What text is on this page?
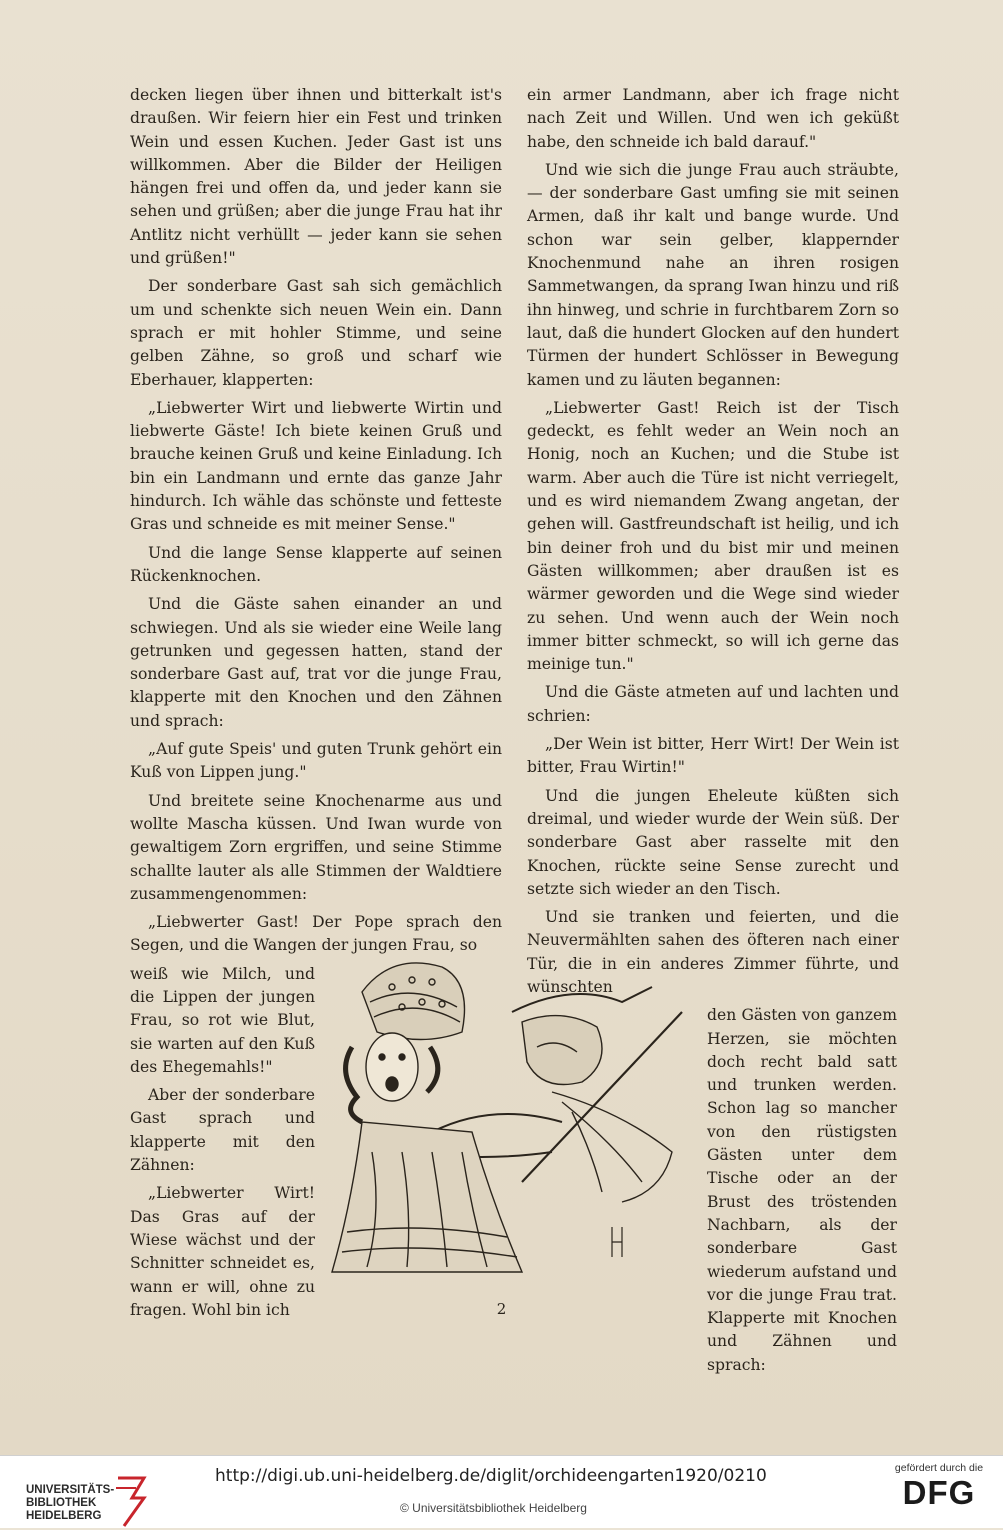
decken liegen über ihnen und bitterkalt ist's draußen. Wir feiern hier ein Fest und trinken Wein und essen Kuchen. Jeder Gast ist uns willkommen. Aber die Bilder der Heiligen hängen frei und offen da, und jeder kann sie sehen und grüßen; aber die junge Frau hat ihr Antlitz nicht verhüllt — jeder kann sie sehen und grüßen!"

Der sonderbare Gast sah sich gemächlich um und schenkte sich neuen Wein ein. Dann sprach er mit hohler Stimme, und seine gelben Zähne, so groß und scharf wie Eberhauer, klapperten:

„Liebwerter Wirt und liebwerte Wirtin und liebwerte Gäste! Ich biete keinen Gruß und brauche keinen Gruß und keine Einladung. Ich bin ein Landmann und ernte das ganze Jahr hindurch. Ich wähle das schönste und fetteste Gras und schneide es mit meiner Sense."

Und die lange Sense klapperte auf seinen Rückenknochen.

Und die Gäste sahen einander an und schwiegen. Und als sie wieder eine Weile lang getrunken und gegessen hatten, stand der sonderbare Gast auf, trat vor die junge Frau, klapperte mit den Knochen und den Zähnen und sprach:

„Auf gute Speis' und guten Trunk gehört ein Kuß von Lippen jung."

Und breitete seine Knochenarme aus und wollte Mascha küssen. Und Iwan wurde von gewaltigem Zorn ergriffen, und seine Stimme schallte lauter als alle Stimmen der Waldtiere zusammengenommen:

„Liebwerter Gast! Der Pope sprach den Segen, und die Wangen der jungen Frau, so

weiß wie Milch, und die Lippen der jungen Frau, so rot wie Blut, sie warten auf den Kuß des Ehegemahls!"

Aber der sonderbare Gast sprach und klapperte mit den Zähnen:

„Liebwerter Wirt! Das Gras auf der Wiese wächst und der Schnitter schneidet es, wann er will, ohne zu fragen. Wohl bin ich

ein armer Landmann, aber ich frage nicht nach Zeit und Willen. Und wen ich geküßt habe, den schneide ich bald darauf."

Und wie sich die junge Frau auch sträubte, — der sonderbare Gast umfing sie mit seinen Armen, daß ihr kalt und bange wurde. Und schon war sein gelber, klappernder Knochenmund nahe an ihren rosigen Sammetwangen, da sprang Iwan hinzu und riß ihn hinweg, und schrie in furchtbarem Zorn so laut, daß die hundert Glocken auf den hundert Türmen der hundert Schlösser in Bewegung kamen und zu läuten begannen:

„Liebwerter Gast! Reich ist der Tisch gedeckt, es fehlt weder an Wein noch an Honig, noch an Kuchen; und die Stube ist warm. Aber auch die Türe ist nicht verriegelt, und es wird niemandem Zwang angetan, der gehen will. Gastfreundschaft ist heilig, und ich bin deiner froh und du bist mir und meinen Gästen willkommen; aber draußen ist es wärmer geworden und die Wege sind wieder zu sehen. Und wenn auch der Wein noch immer bitter schmeckt, so will ich gerne das meinige tun."

Und die Gäste atmeten auf und lachten und schrien:

„Der Wein ist bitter, Herr Wirt! Der Wein ist bitter, Frau Wirtin!"

Und die jungen Eheleute küßten sich dreimal, und wieder wurde der Wein süß. Der sonderbare Gast aber rasselte mit den Knochen, rückte seine Sense zurecht und setzte sich wieder an den Tisch.

Und sie tranken und feierten, und die Neuvermählten sahen des öfteren nach einer Tür, die in ein anderes Zimmer führte, und wünschten

den Gästen von ganzem Herzen, sie möchten doch recht bald satt und trunken werden. Schon lag so mancher von den rüstigsten Gästen unter dem Tische oder an der Brust des tröstenden Nachbarn, als der sonderbare Gast wiederum aufstand und vor die junge Frau trat. Klapperte mit Knochen und Zähnen und sprach:

2
UNIVERSITÄTS-
BIBLIOTHEK
HEIDELBERG
http://digi.ub.uni-heidelberg.de/diglit/orchideengarten1920/0210
© Universitätsbibliothek Heidelberg
gefördert durch die
DFG
